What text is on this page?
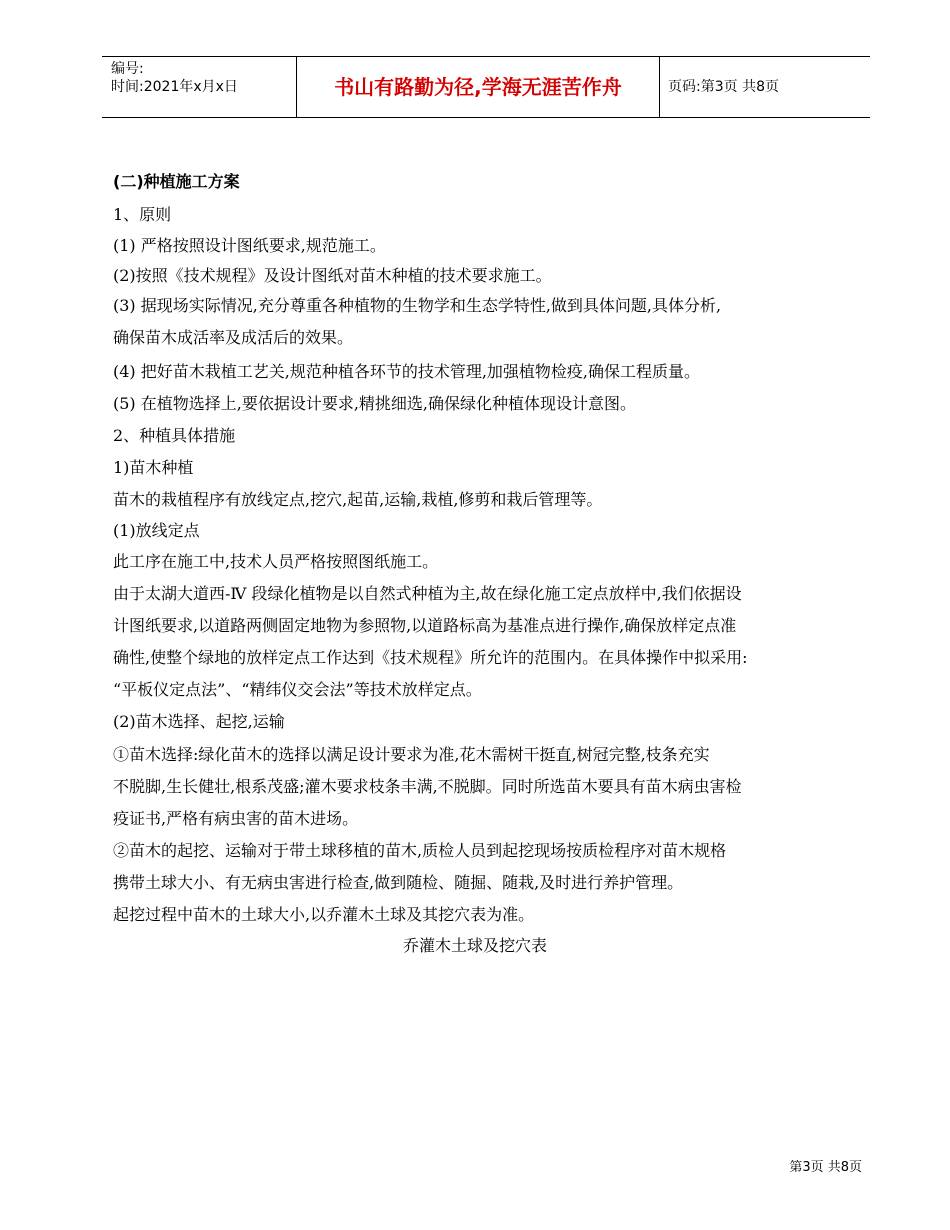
编号:
时间:2021年x月x日	书山有路勤为径,学海无涯苦作舟	页码:第3页 共8页
(二)种植施工方案
1、原则
(1) 严格按照设计图纸要求,规范施工。
(2)按照《技术规程》及设计图纸对苗木种植的技术要求施工。
(3) 据现场实际情况,充分尊重各种植物的生物学和生态学特性,做到具体问题,具体分析,
确保苗木成活率及成活后的效果。
(4) 把好苗木栽植工艺关,规范种植各环节的技术管理,加强植物检疫,确保工程质量。
(5) 在植物选择上,要依据设计要求,精挑细选,确保绿化种植体现设计意图。
2、种植具体措施
1)苗木种植
苗木的栽植程序有放线定点,挖穴,起苗,运输,栽植,修剪和栽后管理等。
(1)放线定点
此工序在施工中,技术人员严格按照图纸施工。
由于太湖大道西-Ⅳ 段绿化植物是以自然式种植为主,故在绿化施工定点放样中,我们依据设
计图纸要求,以道路两侧固定地物为参照物,以道路标高为基准点进行操作,确保放样定点准
确性,使整个绿地的放样定点工作达到《技术规程》所允许的范围内。在具体操作中拟采用:
“平板仪定点法”、“精纬仪交会法”等技术放样定点。
(2)苗木选择、起挖,运输
①苗木选择:绿化苗木的选择以满足设计要求为准,花木需树干挺直,树冠完整,枝条充实
不脱脚,生长健壮,根系茂盛;灌木要求枝条丰满,不脱脚。同时所选苗木要具有苗木病虫害检
疫证书,严格有病虫害的苗木进场。
②苗木的起挖、运输对于带土球移植的苗木,质检人员到起挖现场按质检程序对苗木规格
携带土球大小、有无病虫害进行检查,做到随检、随掘、随栽,及时进行养护管理。
起挖过程中苗木的土球大小,以乔灌木土球及其挖穴表为准。
乔灌木土球及挖穴表
第3页 共8页
